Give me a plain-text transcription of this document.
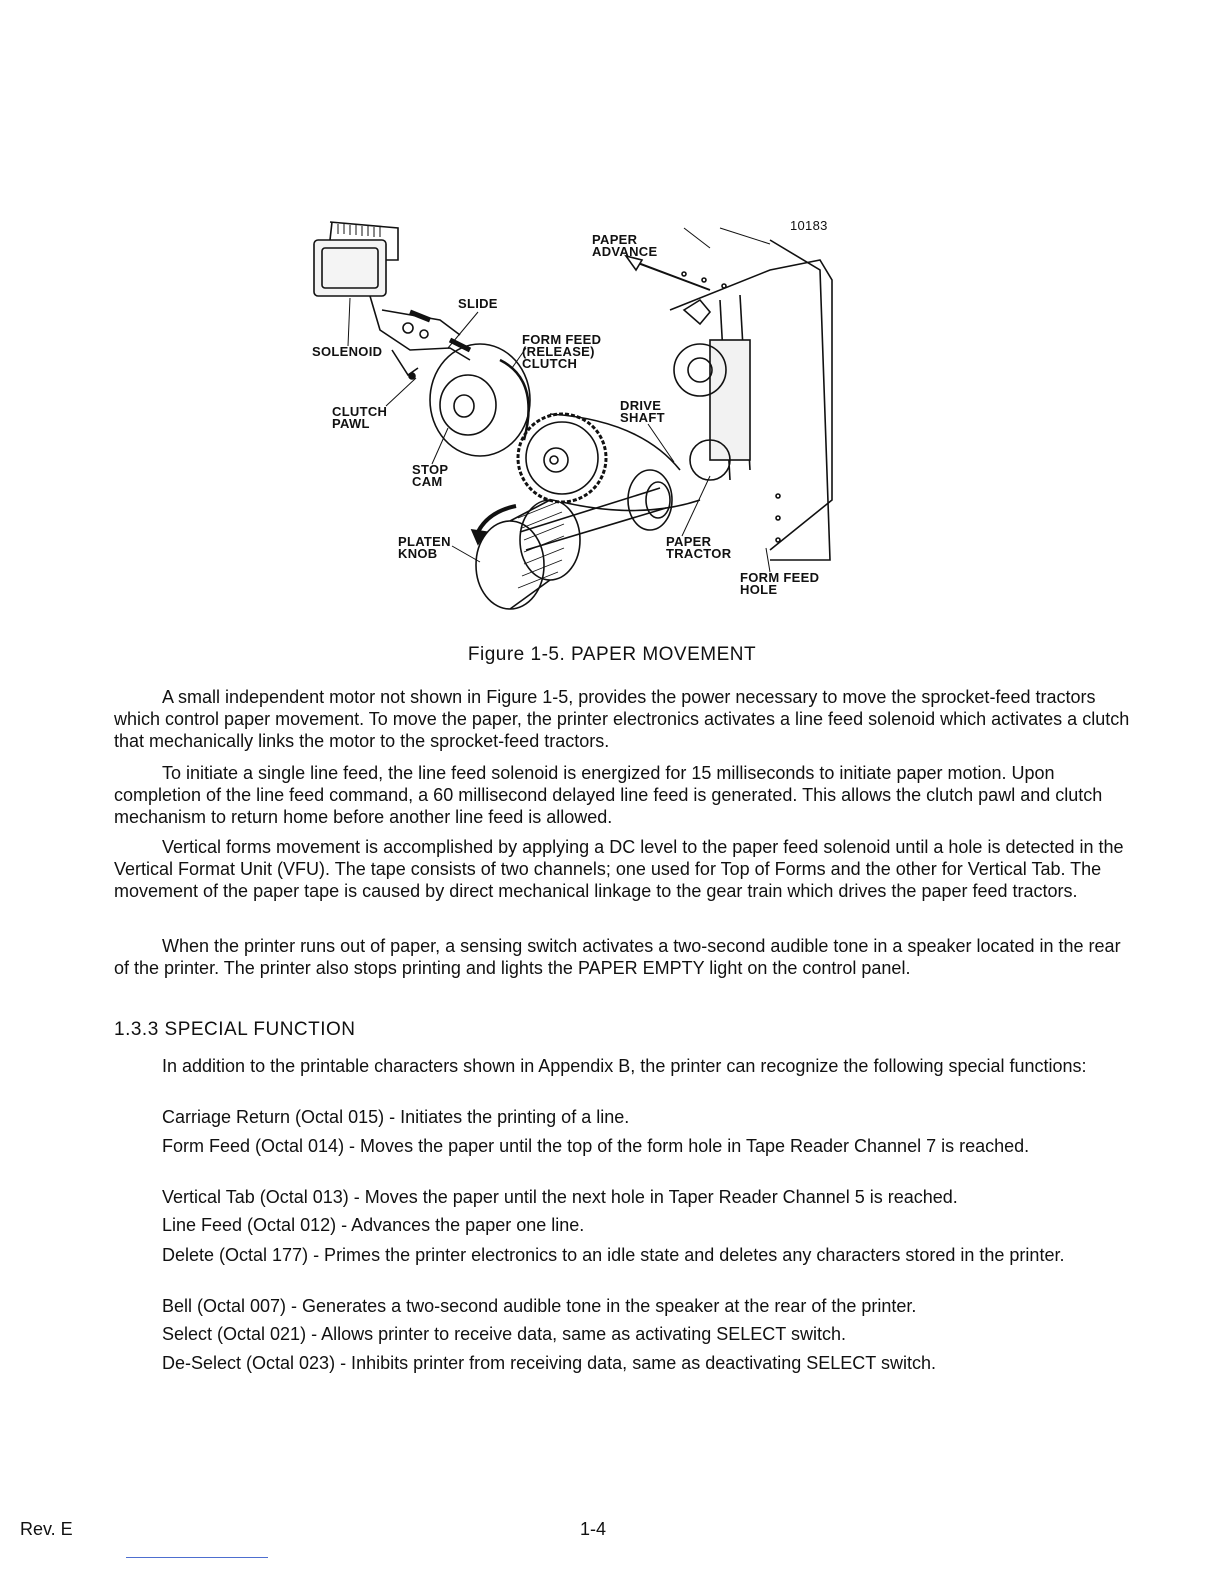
10183
PAPER
ADVANCE
SLIDE
SOLENOID
FORM FEED
(RELEASE)
CLUTCH
CLUTCH
PAWL
DRIVE
SHAFT
STOP
CAM
PLATEN
KNOB
PAPER
TRACTOR
FORM FEED
HOLE
Figure 1-5. PAPER MOVEMENT

A small independent motor not shown in Figure 1-5, provides the power necessary to move the sprocket-feed tractors which control paper movement. To move the paper, the printer electronics activates a line feed solenoid which activates a clutch that mechanically links the motor to the sprocket-feed tractors.

To initiate a single line feed, the line feed solenoid is energized for 15 milliseconds to initiate paper motion. Upon completion of the line feed command, a 60 millisecond delayed line feed is generated. This allows the clutch pawl and clutch mechanism to return home before another line feed is allowed.

Vertical forms movement is accomplished by applying a DC level to the paper feed solenoid until a hole is detected in the Vertical Format Unit (VFU). The tape consists of two channels; one used for Top of Forms and the other for Vertical Tab. The movement of the paper tape is caused by direct mechanical linkage to the gear train which drives the paper feed tractors.

When the printer runs out of paper, a sensing switch activates a two-second audible tone in a speaker located in the rear of the printer. The printer also stops printing and lights the PAPER EMPTY light on the control panel.

1.3.3 SPECIAL FUNCTION

In addition to the printable characters shown in Appendix B, the printer can recognize the following special functions:

Carriage Return (Octal 015) - Initiates the printing of a line.
Form Feed (Octal 014) - Moves the paper until the top of the form hole in Tape Reader Channel 7 is reached.
Vertical Tab (Octal 013) - Moves the paper until the next hole in Taper Reader Channel 5 is reached.
Line Feed (Octal 012) - Advances the paper one line.
Delete (Octal 177) - Primes the printer electronics to an idle state and deletes any characters stored in the printer.
Bell (Octal 007) - Generates a two-second audible tone in the speaker at the rear of the printer.
Select (Octal 021) - Allows printer to receive data, same as activating SELECT switch.
De-Select (Octal 023) - Inhibits printer from receiving data, same as deactivating SELECT switch.
Rev. E	1-4
